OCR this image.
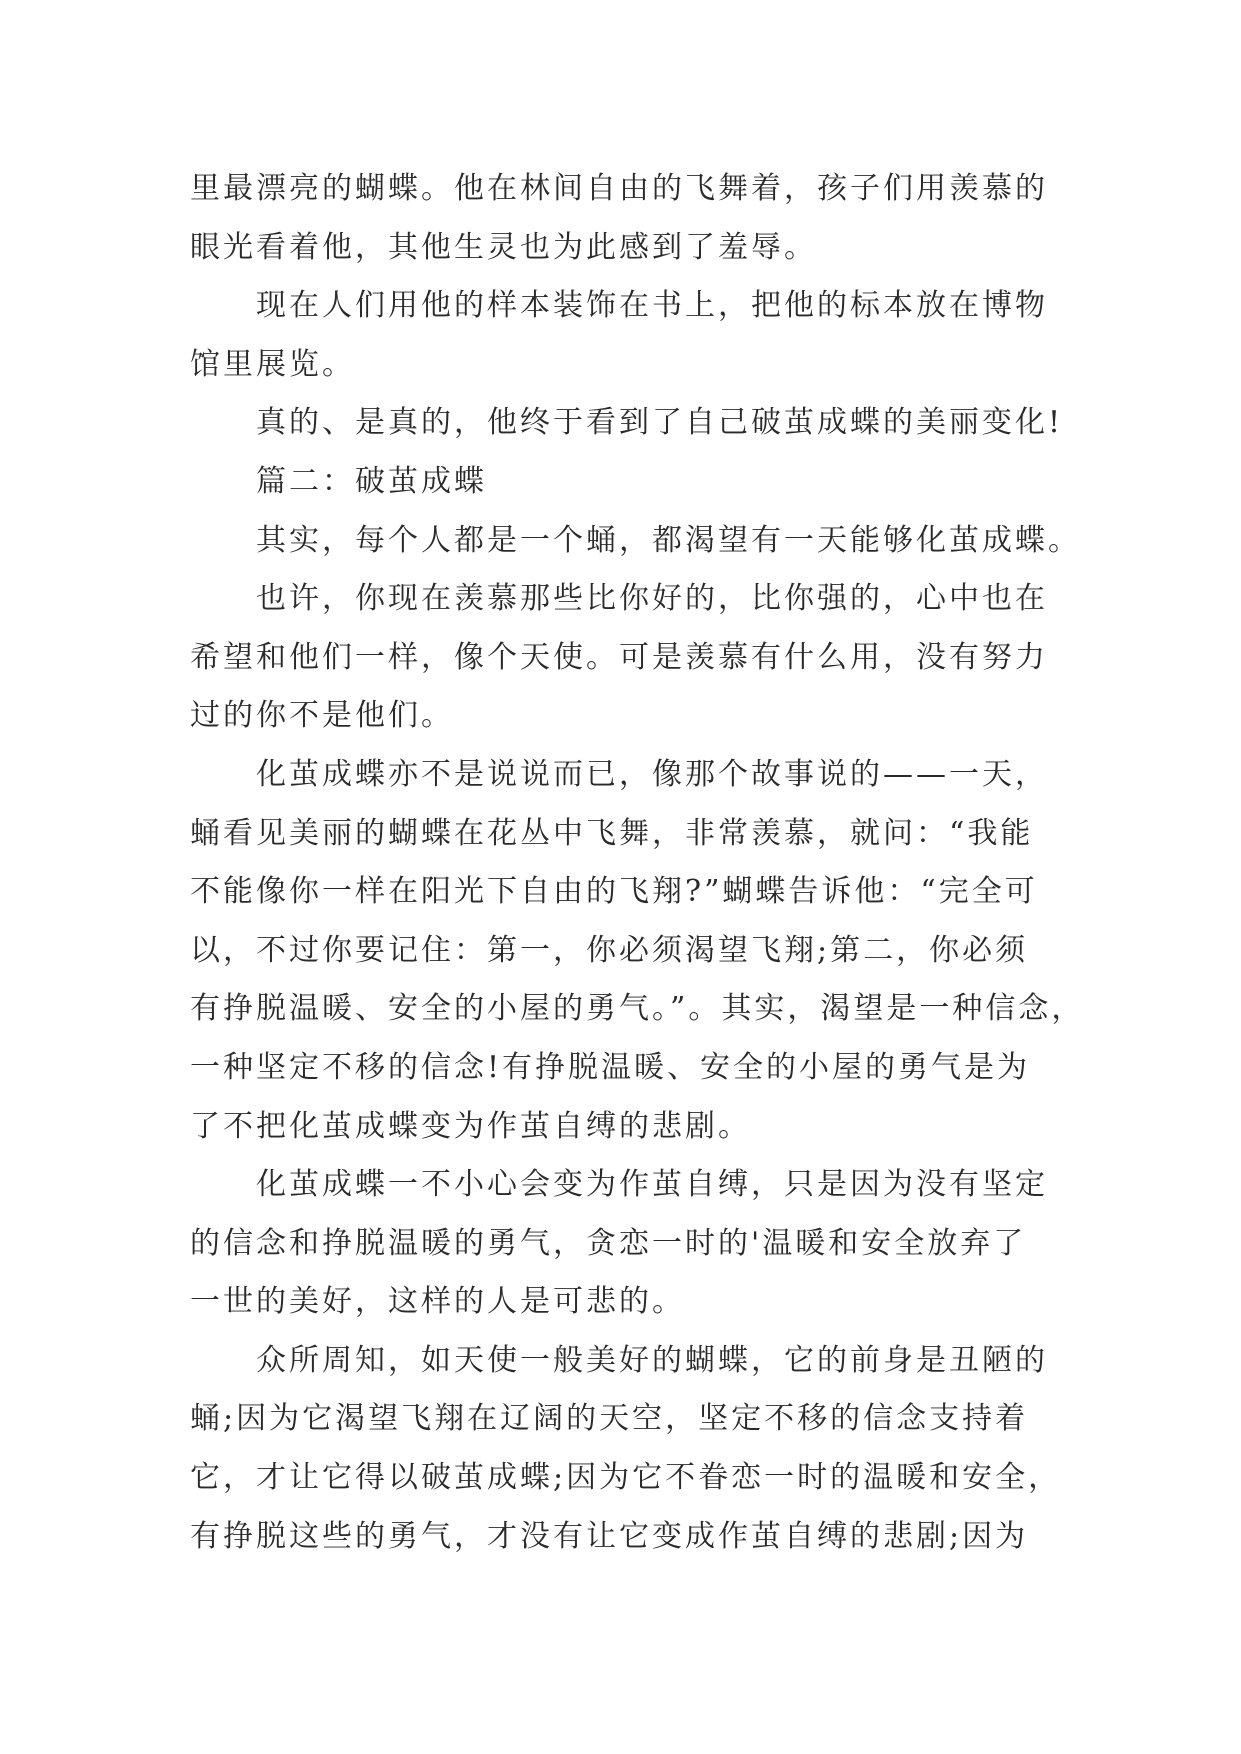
里最漂亮的蝴蝶。他在林间自由的飞舞着，孩子们用羡慕的
眼光看着他，其他生灵也为此感到了羞辱。
现在人们用他的样本装饰在书上，把他的标本放在博物
馆里展览。
真的、是真的，他终于看到了自己破茧成蝶的美丽变化!
篇二：破茧成蝶
其实，每个人都是一个蛹，都渴望有一天能够化茧成蝶。
也许，你现在羡慕那些比你好的，比你强的，心中也在
希望和他们一样，像个天使。可是羡慕有什么用，没有努力
过的你不是他们。
化茧成蝶亦不是说说而已，像那个故事说的——一天，
蛹看见美丽的蝴蝶在花丛中飞舞，非常羡慕，就问：“我能
不能像你一样在阳光下自由的飞翔?”蝴蝶告诉他：“完全可
以，不过你要记住：第一，你必须渴望飞翔;第二，你必须
有挣脱温暖、安全的小屋的勇气。”。其实，渴望是一种信念，
一种坚定不移的信念!有挣脱温暖、安全的小屋的勇气是为
了不把化茧成蝶变为作茧自缚的悲剧。
化茧成蝶一不小心会变为作茧自缚，只是因为没有坚定
的信念和挣脱温暖的勇气，贪恋一时的'温暖和安全放弃了
一世的美好，这样的人是可悲的。
众所周知，如天使一般美好的蝴蝶，它的前身是丑陋的
蛹;因为它渴望飞翔在辽阔的天空，坚定不移的信念支持着
它，才让它得以破茧成蝶;因为它不眷恋一时的温暖和安全，
有挣脱这些的勇气，才没有让它变成作茧自缚的悲剧;因为
